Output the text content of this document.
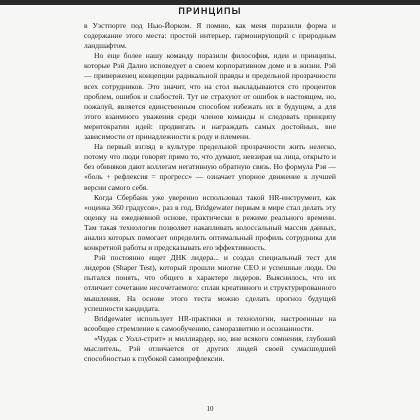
ПРИНЦИПЫ

в Уэстпорте под Нью-Йорком. Я помню, как меня поразили форма и содержание этого места: простой интерьер, гармонирующий с природным ландшафтом.

Но еще более нашу команду поразили философия, идеи и принципы, которые Рэй Далио исповедует в своем корпоративном доме и в жизни. Рэй — приверженец концепции радикальной правды и предельной прозрачности всех сотрудников. Это значит, что на стол выкладываются сто процентов проблем, ошибок и слабостей. Тут не страхуют от ошибок в настоящем, но, пожалуй, является единственным способом избежать их в будущем, а для этого взаимного уважения среди членов команды и следовать принципу меритократии идей: продвигать и награждать самых достойных, вне зависимости от принадлежности к роду и племени.

На первый взгляд в культуре предельной прозрачности жить нелегко, потому что люди говорят прямо то, что думают, невзирая на лица, открыто и без обиняков дают коллегам негативную обратную связь. Но формула Рэя — «боль + рефлексия = прогресс» — означает упорное движение к лучшей версии самого себя.

Когда Сбербанк уже уверенно использовал такой HR-инструмент, как «оценка 360 градусов», раз в год, Bridgewater первым в мире стал делать эту оценку на ежедневной основе, практически в режиме реального времени. Там такая технология позволяет накапливать колоссальный массив данных, анализ которых помогает определить оптимальный профиль сотрудника для конкретной работы и предсказывать его эффективность.

Рэй постоянно ищет ДНК лидера... и создал специальный тест для лидеров (Shaper Test), который прошли многие CEO и успешные люди. Он пытался понять, что общего в характере лидеров. Выяснилось, что их отличает сочетание несочетаемого: сплав креативного и структурированного мышления. На основе этого теста можно сделать прогноз будущей успешности кандидата.

Bridgewater использует HR-практики и технологии, настроенные на всеобщее стремление к самообучению, саморазвитию и осознанности.

«Чудак с Уолл-стрит» и миллиардер, но, вне всякого сомнения, глубокий мыслитель, Рэй отличается от других людей своей сумасшедшей способностью к глубокой самопрефлексии.

10
